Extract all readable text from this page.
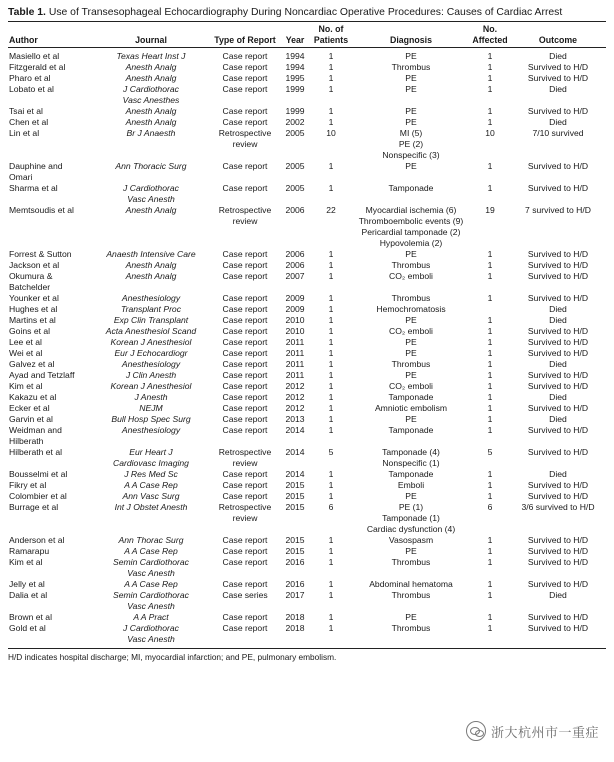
Table 1. Use of Transesophageal Echocardiography During Noncardiac Operative Procedures: Causes of Cardiac Arrest
Author	Journal	Type of Report	Year	No. of Patients	Diagnosis	No. Affected	Outcome

Masiello et al	Texas Heart Inst J	Case report	1994	1	PE	1	Died

Fitzgerald et al	Anesth Analg	Case report	1994	1	Thrombus	1	Survived to H/D

Pharo et al	Anesth Analg	Case report	1995	1	PE	1	Survived to H/D

Lobato et al	J Cardiothorac
Vasc Anesthes	Case report	1999	1	PE	1	Died

Tsai et al	Anesth Analg	Case report	1999	1	PE	1	Survived to H/D

Chen et al	Anesth Analg	Case report	2002	1	PE	1	Died

Lin et al	Br J Anaesth	Retrospective
review	2005	10	MI (5)
PE (2)
Nonspecific (3)	10	7/10 survived

Dauphine and
Omari	Ann Thoracic Surg	Case report	2005	1	PE	1	Survived to H/D

Sharma et al	J Cardiothorac
Vasc Anesth	Case report	2005	1	Tamponade	1	Survived to H/D

Memtsoudis et al	Anesth Analg	Retrospective
review	2006	22	Myocardial ischemia (6)
Thromboembolic events (9)
Pericardial tamponade (2)
Hypovolemia (2)	19	7 survived to H/D

Forrest & Sutton	Anaesth Intensive Care	Case report	2006	1	PE	1	Survived to H/D

Jackson et al	Anesth Analg	Case report	2006	1	Thrombus	1	Survived to H/D

Okumura &
Batchelder	Anesth Analg	Case report	2007	1	CO₂ emboli	1	Survived to H/D

Younker et al	Anesthesiology	Case report	2009	1	Thrombus	1	Survived to H/D

Hughes et al	Transplant Proc	Case report	2009	1	Hemochromatosis		Died

Martins et al	Exp Clin Transplant	Case report	2010	1	PE	1	Died

Goins et al	Acta Anesthesiol Scand	Case report	2010	1	CO₂ emboli	1	Survived to H/D

Lee et al	Korean J Anesthesiol	Case report	2011	1	PE	1	Survived to H/D

Wei et al	Eur J Echocardiogr	Case report	2011	1	PE	1	Survived to H/D

Galvez et al	Anesthesiology	Case report	2011	1	Thrombus	1	Died

Ayad and Tetzlaff	J Clin Anesth	Case report	2011	1	PE	1	Survived to H/D

Kim et al	Korean J Anesthesiol	Case report	2012	1	CO₂ emboli	1	Survived to H/D

Kakazu et al	J Anesth	Case report	2012	1	Tamponade	1	Died

Ecker et al	NEJM	Case report	2012	1	Amniotic embolism	1	Survived to H/D

Garvin et al	Bull Hosp Spec Surg	Case report	2013	1	PE	1	Died

Weidman and
Hilberath	Anesthesiology	Case report	2014	1	Tamponade	1	Survived to H/D

Hilberath et al	Eur Heart J
Cardiovasc Imaging	Retrospective
review	2014	5	Tamponade (4)
Nonspecific (1)	5	Survived to H/D

Bousselmi et al	J Res Med Sc	Case report	2014	1	Tamponade	1	Died

Fikry et al	A A Case Rep	Case report	2015	1	Emboli	1	Survived to H/D

Colombier et al	Ann Vasc Surg	Case report	2015	1	PE	1	Survived to H/D

Burrage et al	Int J Obstet Anesth	Retrospective
review	2015	6	PE (1)
Tamponade (1)
Cardiac dysfunction (4)	6	3/6 survived to H/D

Anderson et al	Ann Thorac Surg	Case report	2015	1	Vasospasm	1	Survived to H/D

Ramarapu	A A Case Rep	Case report	2015	1	PE	1	Survived to H/D

Kim et al	Semin Cardiothorac
Vasc Anesth	Case report	2016	1	Thrombus	1	Survived to H/D

Jelly et al	A A Case Rep	Case report	2016	1	Abdominal hematoma	1	Survived to H/D

Dalia et al	Semin Cardiothorac
Vasc Anesth	Case series	2017	1	Thrombus	1	Died

Brown et al	A A Pract	Case report	2018	1	PE	1	Survived to H/D

Gold et al	J Cardiothorac
Vasc Anesth	Case report	2018	1	Thrombus	1	Survived to H/D
H/D indicates hospital discharge; MI, myocardial infarction; and PE, pulmonary embolism.
浙大杭州市一重症
